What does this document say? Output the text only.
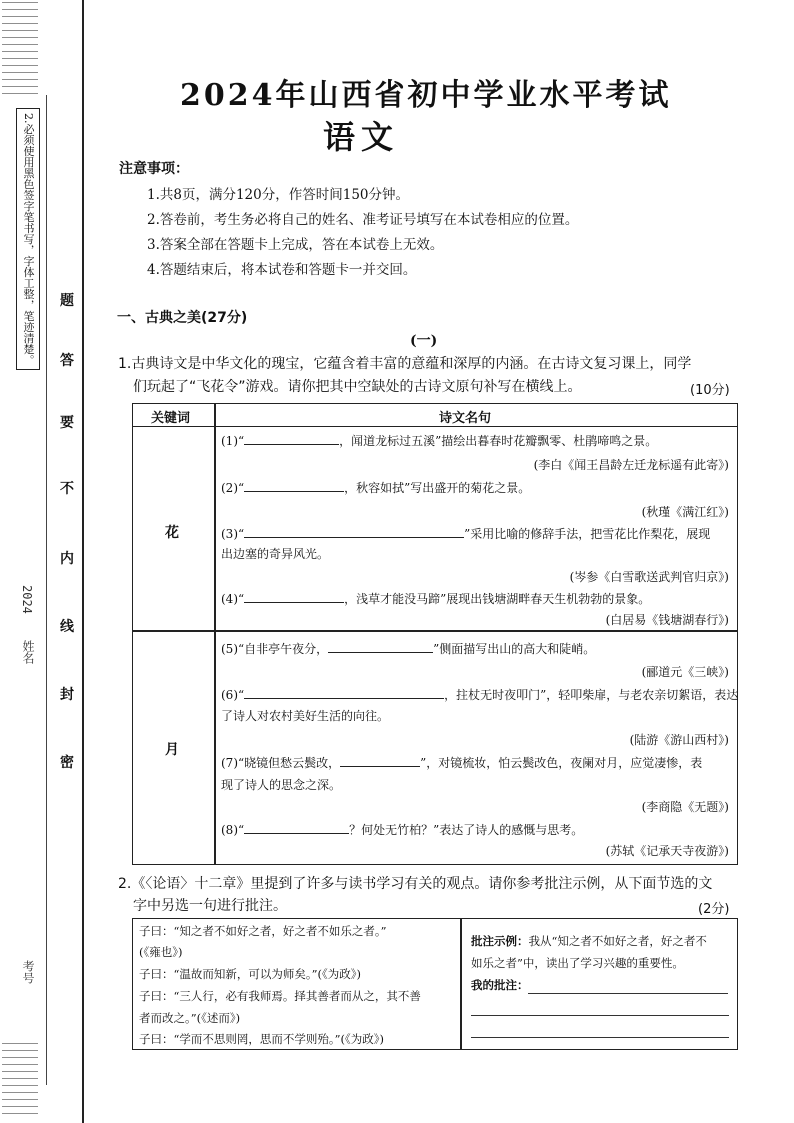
2.必须使用黑色签字笔书写，字体工整，笔迹清楚。	题
答
要
不
内
线
封
密
2024
姓名
考号
2024年山西省初中学业水平考试
语文
注意事项：
1.共8页，满分120分，作答时间150分钟。
2.答卷前，考生务必将自己的姓名、准考证号填写在本试卷相应的位置。
3.答案全部在答题卡上完成，答在本试卷上无效。
4.答题结束后，将本试卷和答题卡一并交回。
一、古典之美(27分)
(一)
1.古典诗文是中华文化的瑰宝，它蕴含着丰富的意蕴和深厚的内涵。在古诗文复习课上，同学
们玩起了“飞花令”游戏。请你把其中空缺处的古诗文原句补写在横线上。	(10分)
关键词	诗文名句
花
(1)“	，闻道龙标过五溪”描绘出暮春时花瓣飘零、杜鹃啼鸣之景。
(李白《闻王昌龄左迁龙标遥有此寄》)
(2)“	，秋容如拭”写出盛开的菊花之景。
(秋瑾《满江红》)
(3)“	”采用比喻的修辞手法，把雪花比作梨花，展现
出边塞的奇异风光。
(岑参《白雪歌送武判官归京》)
(4)“	，浅草才能没马蹄”展现出钱塘湖畔春天生机勃勃的景象。
(白居易《钱塘湖春行》)
月
(5)“自非亭午夜分，	”侧面描写出山的高大和陡峭。
(郦道元《三峡》)
(6)“	，拄杖无时夜叩门”，轻叩柴扉，与老农亲切絮语，表达
了诗人对农村美好生活的向往。
(陆游《游山西村》)
(7)“晓镜但愁云鬓改，	”，对镜梳妆，怕云鬓改色，夜阑对月，应觉凄惨，表
现了诗人的思念之深。
(李商隐《无题》)
(8)“	？何处无竹柏？”表达了诗人的感慨与思考。
(苏轼《记承天寺夜游》)
2.《〈论语〉十二章》里提到了许多与读书学习有关的观点。请你参考批注示例，从下面节选的文
字中另选一句进行批注。	(2分)
子曰：“知之者不如好之者，好之者不如乐之者。”
(《雍也》)
子曰：“温故而知新，可以为师矣。”(《为政》)
子曰：“三人行，必有我师焉。择其善者而从之，其不善
者而改之。”(《述而》)
子曰：“学而不思则罔，思而不学则殆。”(《为政》)
批注示例：我从“知之者不如好之者，好之者不
如乐之者”中，读出了学习兴趣的重要性。
我的批注：
